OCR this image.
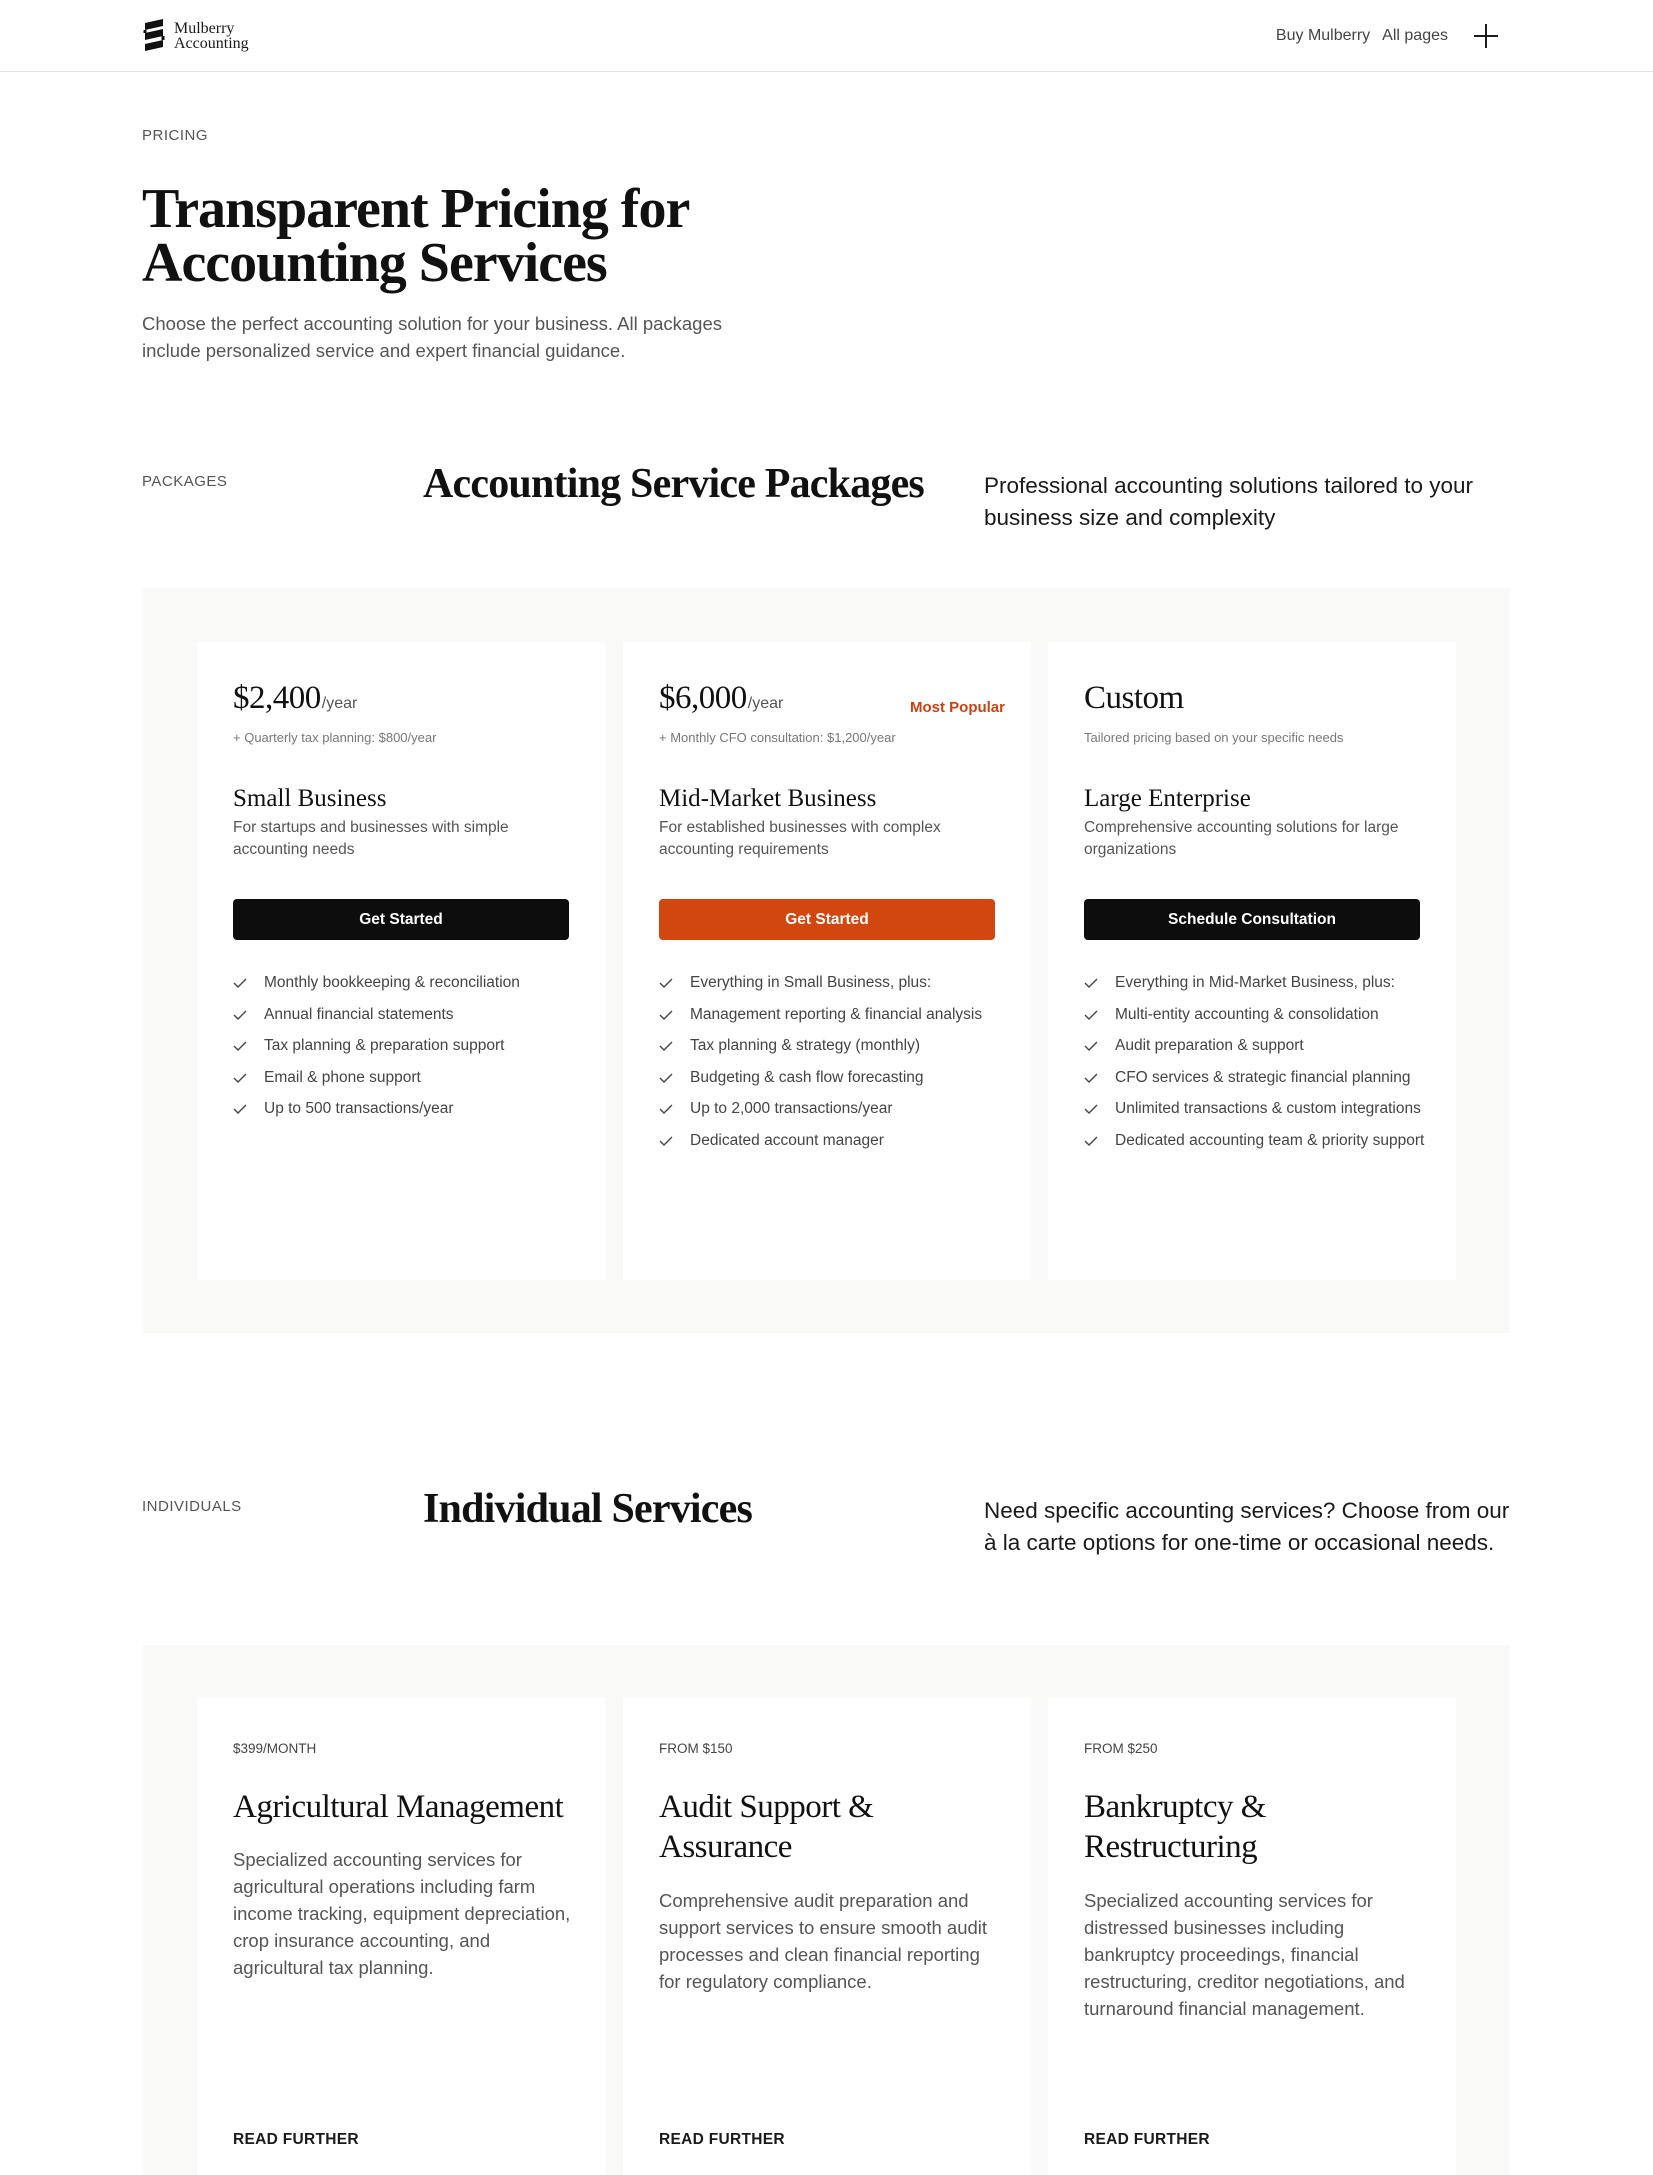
Mulberry
Accounting	Buy Mulberry All pages
PRICING
Transparent Pricing for Accounting Services

Choose the perfect accounting solution for your business. All packages include personalized service and expert financial guidance.

PACKAGES	Accounting Service Packages	Professional accounting solutions tailored to your business size and complexity

$2,400 /year
+ Quarterly tax planning: $800/year
Small Business
For startups and businesses with simple accounting needs
Get Started
Monthly bookkeeping & reconciliation
Annual financial statements
Tax planning & preparation support
Email & phone support
Up to 500 transactions/year
$6,000 /year	Most Popular
+ Monthly CFO consultation: $1,200/year
Mid-Market Business
For established businesses with complex accounting requirements
Get Started
Everything in Small Business, plus:
Management reporting & financial analysis
Tax planning & strategy (monthly)
Budgeting & cash flow forecasting
Up to 2,000 transactions/year
Dedicated account manager
Custom
Tailored pricing based on your specific needs
Large Enterprise
Comprehensive accounting solutions for large organizations
Schedule Consultation
Everything in Mid-Market Business, plus:
Multi-entity accounting & consolidation
Audit preparation & support
CFO services & strategic financial planning
Unlimited transactions & custom integrations
Dedicated accounting team & priority support
INDIVIDUALS	Individual Services	Need specific accounting services? Choose from our à la carte options for one-time or occasional needs.

$399/MONTH
Agricultural Management

Specialized accounting services for agricultural operations including farm income tracking, equipment depreciation, crop insurance accounting, and agricultural tax planning.

READ FURTHER
FROM $150
Audit Support & Assurance

Comprehensive audit preparation and support services to ensure smooth audit processes and clean financial reporting for regulatory compliance.

READ FURTHER
FROM $250
Bankruptcy & Restructuring

Specialized accounting services for distressed businesses including bankruptcy proceedings, financial restructuring, creditor negotiations, and turnaround financial management.

READ FURTHER
